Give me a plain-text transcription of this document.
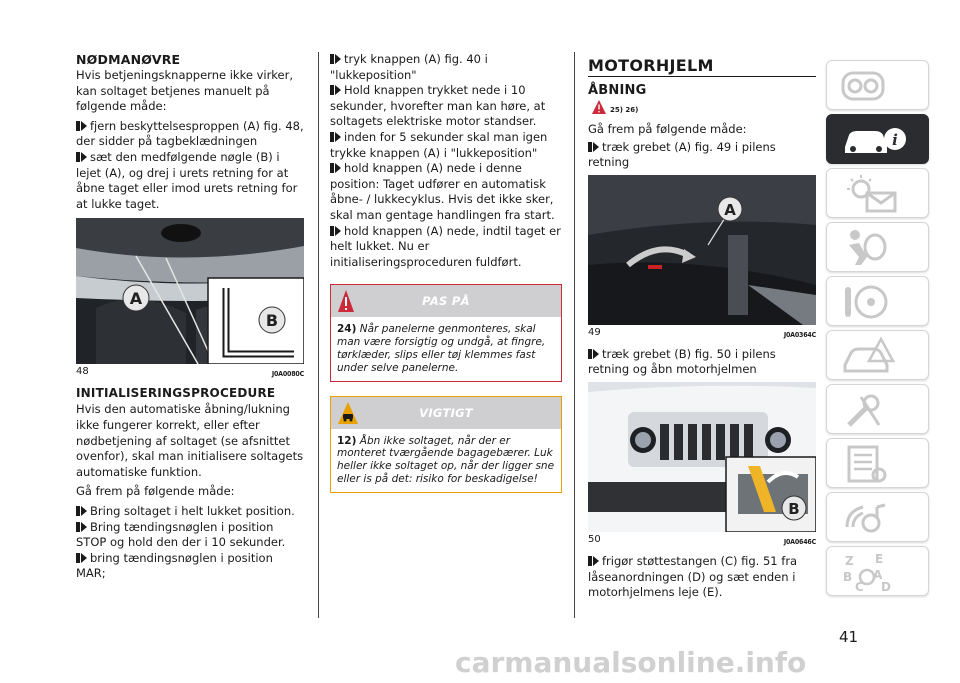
NØDMANØVRE

Hvis betjeningsknapperne ikke virker, kan soltaget betjenes manuelt på følgende måde:

fjern beskyttelsesproppen (A) fig. 48, der sidder på tagbeklædningen
sæt den medfølgende nøgle (B) i lejet (A), og drej i urets retning for at åbne taget eller imod urets retning for at lukke taget.
A
B
48	J0A0080C
INITIALISERINGSPROCEDURE

Hvis den automatiske åbning/lukning ikke fungerer korrekt, eller efter nødbetjening af soltaget (se afsnittet ovenfor), skal man initialisere soltagets automatiske funktion.

Gå frem på følgende måde:

Bring soltaget i helt lukket position.
Bring tændingsnøglen i position STOP og hold den der i 10 sekunder.
bring tændingsnøglen i position MAR;
tryk knappen (A) fig. 40 i "lukkeposition"
Hold knappen trykket nede i 10 sekunder, hvorefter man kan høre, at soltagets elektriske motor standser.
inden for 5 sekunder skal man igen trykke knappen (A) i "lukkeposition"
hold knappen (A) nede i denne position: Taget udfører en automatisk åbne- / lukkecyklus. Hvis det ikke sker, skal man gentage handlingen fra start.
hold knappen (A) nede, indtil taget er helt lukket. Nu er initialiseringsproceduren fuldført.
PAS PÅ
24) Når panelerne genmonteres, skal man være forsigtig og undgå, at fingre, tørklæder, slips eller tøj klemmes fast under selve panelerne.
VIGTIGT
12) Åbn ikke soltaget, når der er monteret tværgående bagagebærer. Luk heller ikke soltaget op, når der ligger sne eller is på det: risiko for beskadigelse!
MOTORHJELM
ÅBNING
25) 26)

Gå frem på følgende måde:

træk grebet (A) fig. 49 i pilens retning
A
49	J0A0364C
træk grebet (B) fig. 50 i pilens retning og åbn motorhjelmen
B
50	J0A0646C
frigør støttestangen (C) fig. 51 fra låseanordningen (D) og sæt enden i motorhjelmens leje (E).
i
Z E
B A
C D
41
carmanualsonline.info
